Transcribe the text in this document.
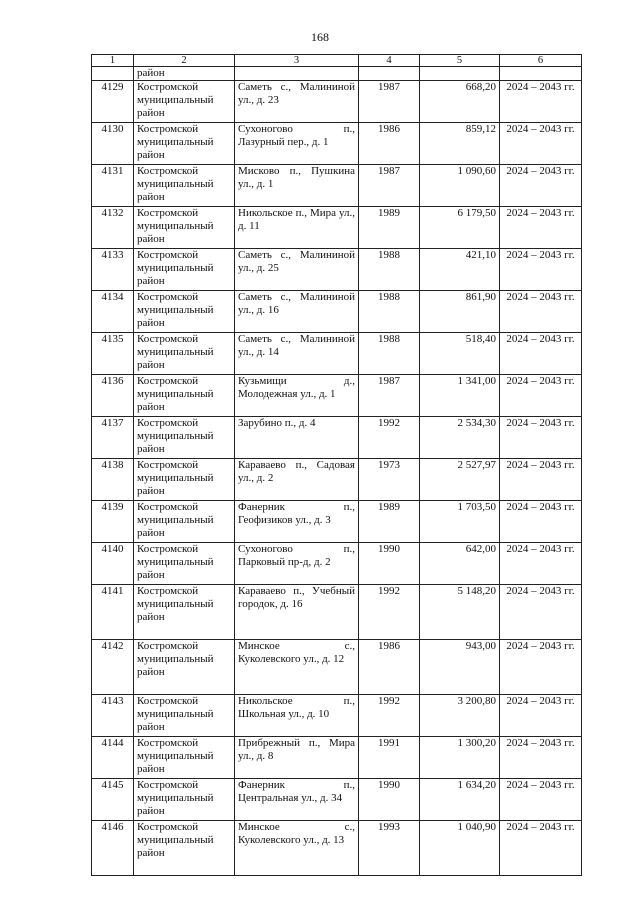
168
1	2	3	4	5	6
	район				
4129	Костромской муниципальный район	Саметь с., Малининой ул., д. 23	1987	668,20	2024 – 2043 гг.
4130	Костромской муниципальный район	Сухоногово п., Лазурный пер., д. 1	1986	859,12	2024 – 2043 гг.
4131	Костромской муниципальный район	Мисково п., Пушкина ул., д. 1	1987	1 090,60	2024 – 2043 гг.
4132	Костромской муниципальный район	Никольское п., Мира ул., д. 11	1989	6 179,50	2024 – 2043 гг.
4133	Костромской муниципальный район	Саметь с., Малининой ул., д. 25	1988	421,10	2024 – 2043 гг.
4134	Костромской муниципальный район	Саметь с., Малининой ул., д. 16	1988	861,90	2024 – 2043 гг.
4135	Костромской муниципальный район	Саметь с., Малининой ул., д. 14	1988	518,40	2024 – 2043 гг.
4136	Костромской муниципальный район	Кузьмищи д., Молодежная ул., д. 1	1987	1 341,00	2024 – 2043 гг.
4137	Костромской муниципальный район	Зарубино п., д. 4	1992	2 534,30	2024 – 2043 гг.
4138	Костромской муниципальный район	Караваево п., Садовая ул., д. 2	1973	2 527,97	2024 – 2043 гг.
4139	Костромской муниципальный район	Фанерник п., Геофизиков ул., д. 3	1989	1 703,50	2024 – 2043 гг.
4140	Костромской муниципальный район	Сухоногово п., Парковый пр-д, д. 2	1990	642,00	2024 – 2043 гг.
4141	Костромской муниципальный район	Караваево п., Учебный городок, д. 16	1992	5 148,20	2024 – 2043 гг.
4142	Костромской муниципальный район	Минское с., Куколевского ул., д. 12	1986	943,00	2024 – 2043 гг.
4143	Костромской муниципальный район	Никольское п., Школьная ул., д. 10	1992	3 200,80	2024 – 2043 гг.
4144	Костромской муниципальный район	Прибрежный п., Мира ул., д. 8	1991	1 300,20	2024 – 2043 гг.
4145	Костромской муниципальный район	Фанерник п., Центральная ул., д. 34	1990	1 634,20	2024 – 2043 гг.
4146	Костромской муниципальный район	Минское с., Куколевского ул., д. 13	1993	1 040,90	2024 – 2043 гг.
